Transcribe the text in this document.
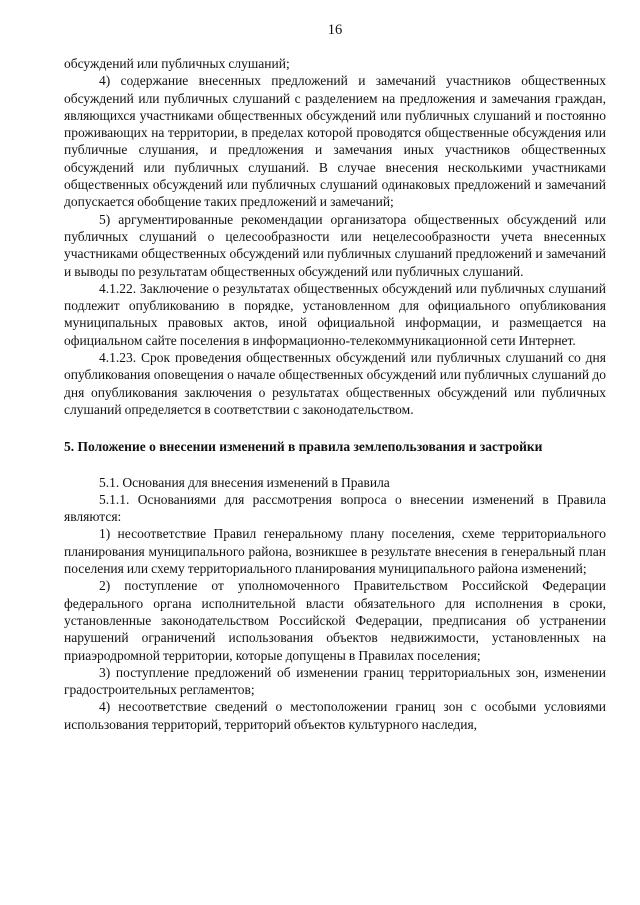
16

обсуждений или публичных слушаний;

4) содержание внесенных предложений и замечаний участников общественных обсуждений или публичных слушаний с разделением на предложения и замечания граждан, являющихся участниками общественных обсуждений или публичных слушаний и постоянно проживающих на территории, в пределах которой проводятся общественные обсуждения или публичные слушания, и предложения и замечания иных участников общественных обсуждений или публичных слушаний. В случае внесения несколькими участниками общественных обсуждений или публичных слушаний одинаковых предложений и замечаний допускается обобщение таких предложений и замечаний;

5) аргументированные рекомендации организатора общественных обсуждений или публичных слушаний о целесообразности или нецелесообразности учета внесенных участниками общественных обсуждений или публичных слушаний предложений и замечаний и выводы по результатам общественных обсуждений или публичных слушаний.

4.1.22. Заключение о результатах общественных обсуждений или публичных слушаний подлежит опубликованию в порядке, установленном для официального опубликования муниципальных правовых актов, иной официальной информации, и размещается на официальном сайте поселения в информационно-телекоммуникационной сети Интернет.

4.1.23. Срок проведения общественных обсуждений или публичных слушаний со дня опубликования оповещения о начале общественных обсуждений или публичных слушаний до дня опубликования заключения о результатах общественных обсуждений или публичных слушаний определяется в соответствии с законодательством.

5. Положение о внесении изменений в правила землепользования и застройки

5.1. Основания для внесения изменений в Правила

5.1.1. Основаниями для рассмотрения вопроса о внесении изменений в Правила являются:

1) несоответствие Правил генеральному плану поселения, схеме территориального планирования муниципального района, возникшее в результате внесения в генеральный план поселения или схему территориального планирования муниципального района изменений;

2) поступление от уполномоченного Правительством Российской Федерации федерального органа исполнительной власти обязательного для исполнения в сроки, установленные законодательством Российской Федерации, предписания об устранении нарушений ограничений использования объектов недвижимости, установленных на приаэродромной территории, которые допущены в Правилах поселения;

3) поступление предложений об изменении границ территориальных зон, изменении градостроительных регламентов;

4) несоответствие сведений о местоположении границ зон с особыми условиями использования территорий, территорий объектов культурного наследия,
